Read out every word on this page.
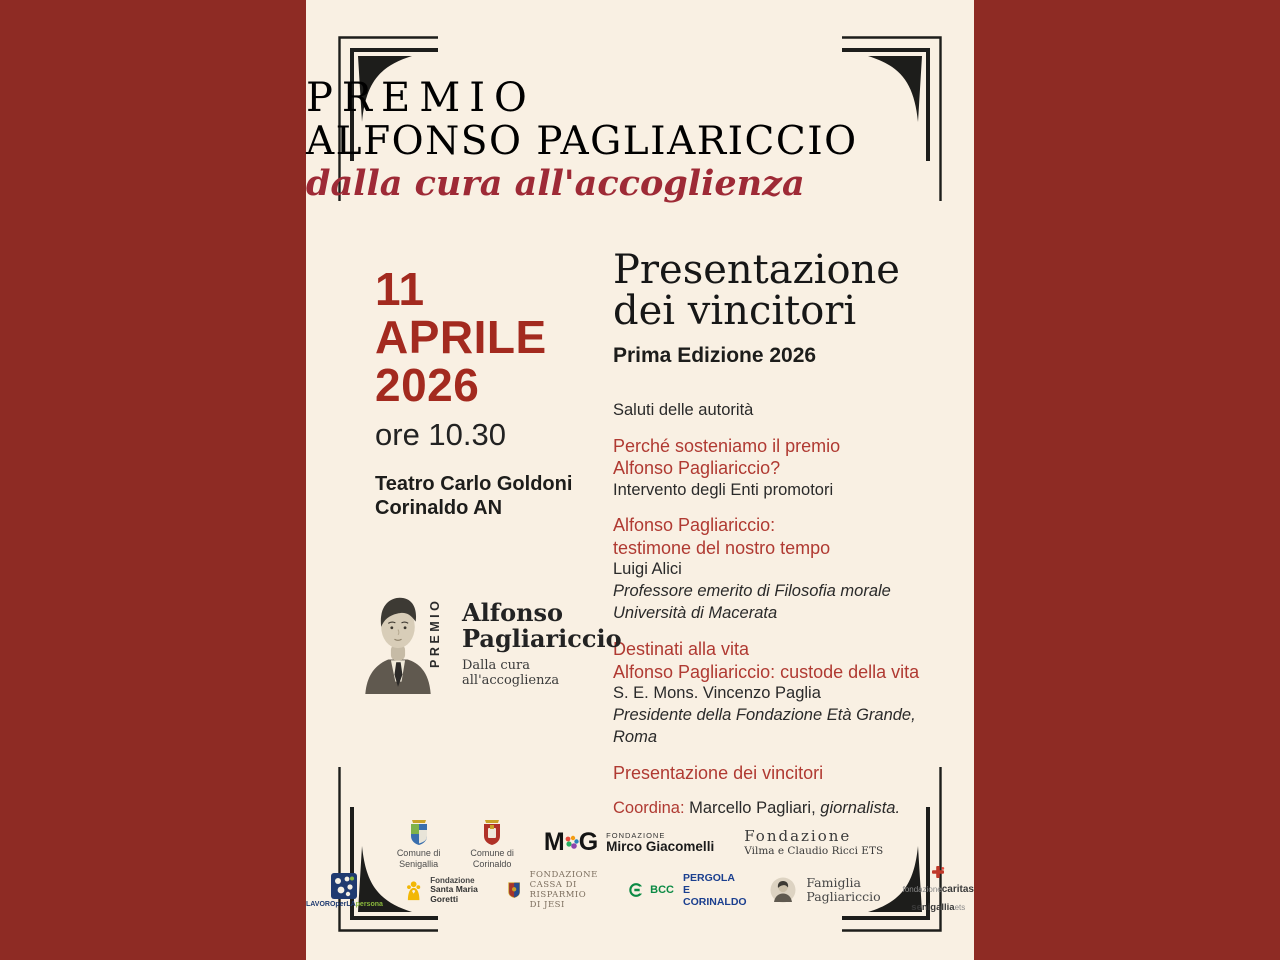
PREMIO
ALFONSO PAGLIARICCIO
dalla cura all'accoglienza
11
APRILE
2026
ore 10.30
Teatro Carlo Goldoni
Corinaldo AN
Presentazione
dei vincitori
Prima Edizione 2026
Saluti delle autorità
Perché sosteniamo il premio
Alfonso Pagliariccio?
Intervento degli Enti promotori
Alfonso Pagliariccio:
testimone del nostro tempo
Luigi Alici
Professore emerito di Filosofia morale
Università di Macerata
Destinati alla vita
Alfonso Pagliariccio: custode della vita
S. E. Mons. Vincenzo Paglia
Presidente della Fondazione Età Grande, Roma
Presentazione dei vincitori
Coordina: Marcello Pagliari, giornalista.
PREMIO Alfonso
Pagliariccio
Dalla cura all'accoglienza
Comune di
Senigallia
Comune di
Corinaldo
M G FONDAZIONE
Mirco Giacomelli
Fondazione
Vilma e Claudio Ricci ETS
LAVOROperLApersona
Fondazione
Santa Maria Goretti
FONDAZIONE
CASSA DI RISPARMIO
DI JESI
BCC
PERGOLA
E CORINALDO
Famiglia
Pagliariccio	fondazionecaritas
senigalliaets
